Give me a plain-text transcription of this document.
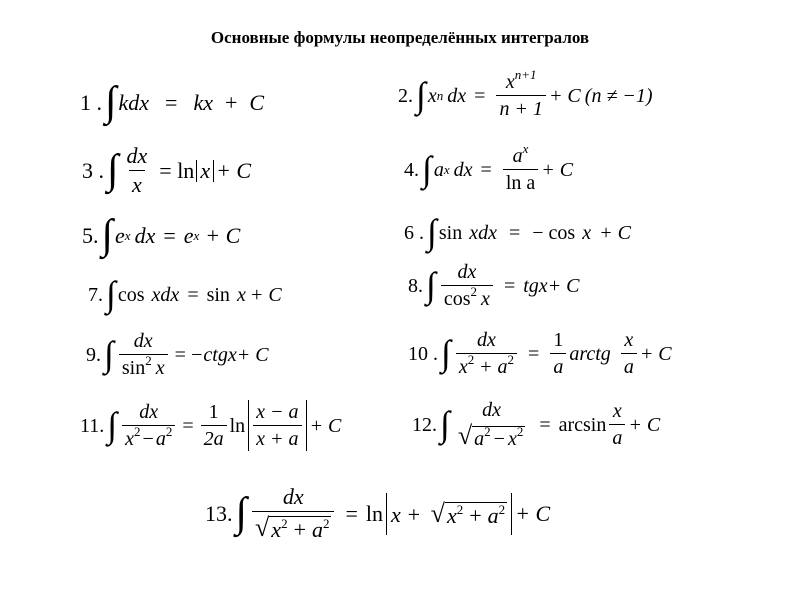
Основные формулы неопределённых интегралов
1 . ∫ kdx = kx + C	2. ∫ x n dx = $\frac{x^{n+1}}{n + 1} + C$ (n ≠ −1)
3 . ∫ $\frac{dx}{x} = \ln x + C$	4. ∫ a x dx = $\frac{a^x}{\text{ln a}} + C$
5. ∫ e x dx = e x + C	6 . ∫ sin xdx = − cos x + C
7. ∫ cos xdx = sin x + C	8. ∫ $\frac{dx}{\cos^2 x}$ = tgx + C
9. ∫ $\frac{dx}{\sin^2 x}$ = −ctgx + C	10 . ∫ $\frac{dx}{x^2 + a^2} = \frac{1}{a}$ arctg $\frac{x}{a} + C$
11. ∫ $\frac{dx}{x^2 - a^2} = \frac{1}{2a}$ $\ln \frac{x - a}{x + a} + C$	12. ∫ dx
√ $a^2 - x^2 = \arcsin \frac{x}{a} + C$
13. ∫ $\frac{dx}{√ x^2 + a^2} = \ln x$ + √ $x^2 + a^2 + C$
